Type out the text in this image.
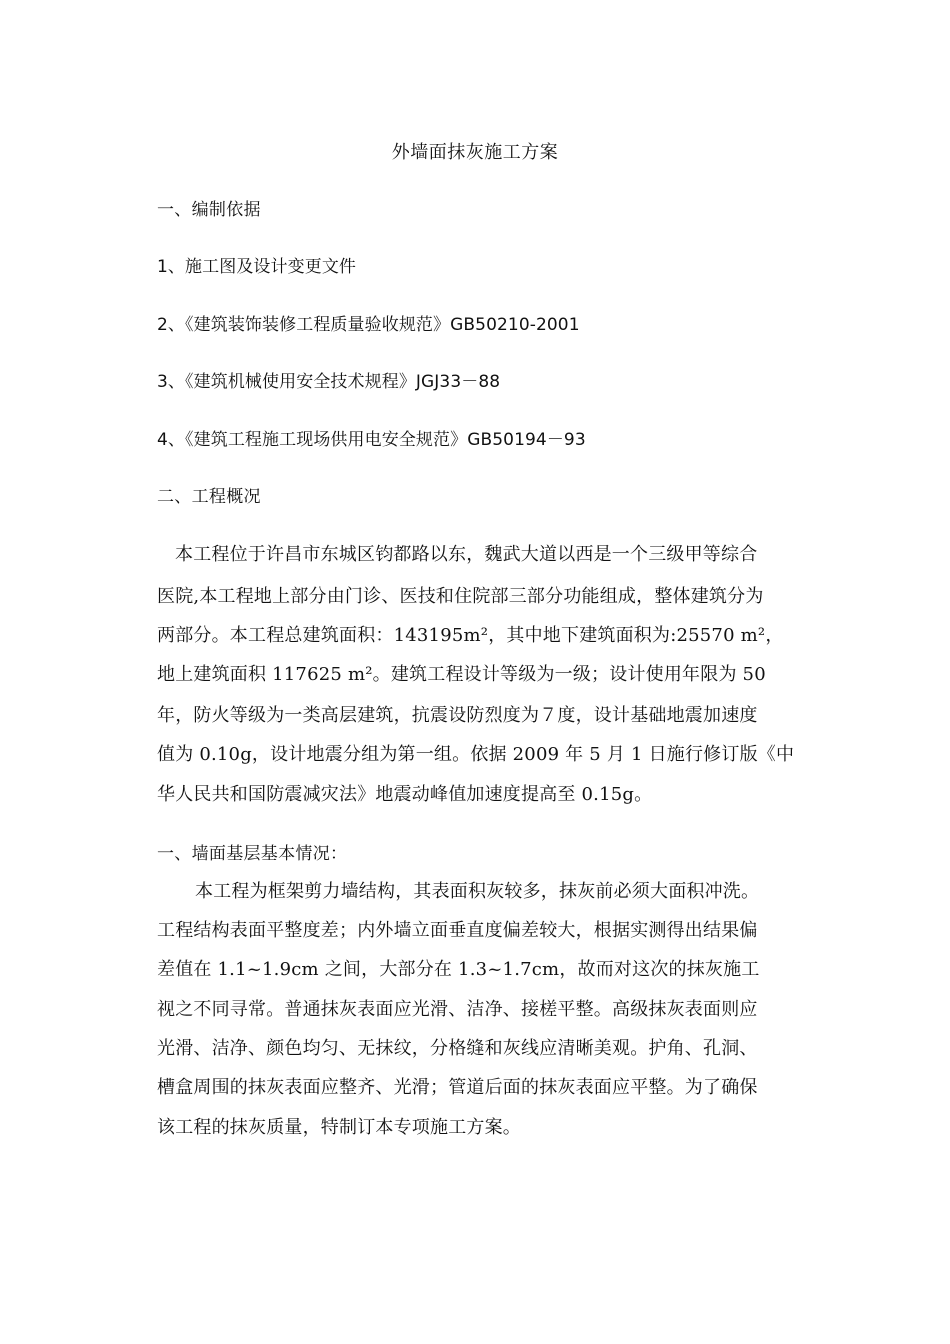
外墙面抹灰施工方案
一、编制依据
1、施工图及设计变更文件
2、《建筑装饰装修工程质量验收规范》GB50210-2001
3、《建筑机械使用安全技术规程》JGJ33－88
4、《建筑工程施工现场供用电安全规范》GB50194－93
二、工程概况
本工程位于许昌市东城区钧都路以东，魏武大道以西是一个三级甲等综合
医院,本工程地上部分由门诊、医技和住院部三部分功能组成，整体建筑分为
两部分。本工程总建筑面积：143195m²，其中地下建筑面积为:25570 m²，
地上建筑面积 117625 m²。建筑工程设计等级为一级；设计使用年限为 50
年，防火等级为一类高层建筑，抗震设防烈度为７度，设计基础地震加速度
值为 0.10g，设计地震分组为第一组。依据 2009 年 5 月 1 日施行修订版《中
华人民共和国防震减灾法》地震动峰值加速度提高至 0.15g。
一、墙面基层基本情况：
本工程为框架剪力墙结构，其表面积灰较多，抹灰前必须大面积冲洗。
工程结构表面平整度差；内外墙立面垂直度偏差较大，根据实测得出结果偏
差值在 1.1~1.9cm 之间，大部分在 1.3~1.7cm，故而对这次的抹灰施工
视之不同寻常。普通抹灰表面应光滑、洁净、接槎平整。高级抹灰表面则应
光滑、洁净、颜色均匀、无抹纹，分格缝和灰线应清晰美观。护角、孔洞、
槽盒周围的抹灰表面应整齐、光滑；管道后面的抹灰表面应平整。为了确保
该工程的抹灰质量，特制订本专项施工方案。
